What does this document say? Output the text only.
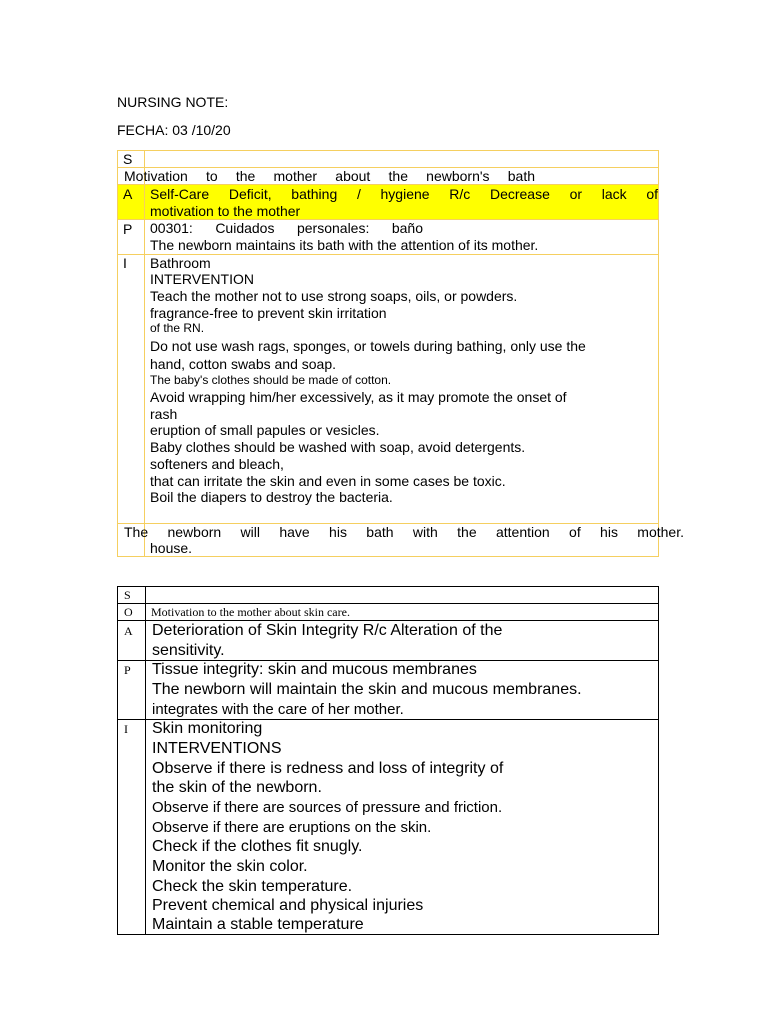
NURSING NOTE:
FECHA: 03 /10/20
S
Motivation to the mother about the newborn's bath
A Self-Care Deficit, bathing / hygiene R/c Decrease or lack of
motivation to the mother
P 00301: Cuidados personales: baño
The newborn maintains its bath with the attention of its mother.
I Bathroom
INTERVENTION
Teach the mother not to use strong soaps, oils, or powders.
fragrance-free to prevent skin irritation
of the RN.
Do not use wash rags, sponges, or towels during bathing, only use the
hand, cotton swabs and soap.
The baby's clothes should be made of cotton.
Avoid wrapping him/her excessively, as it may promote the onset of
rash
eruption of small papules or vesicles.
Baby clothes should be washed with soap, avoid detergents.
softeners and bleach,
that can irritate the skin and even in some cases be toxic.
Boil the diapers to destroy the bacteria.
The newborn will have his bath with the attention of his mother.
house.
S
O Motivation to the mother about skin care.
A Deterioration of Skin Integrity R/c Alteration of the
sensitivity.
P Tissue integrity: skin and mucous membranes
The newborn will maintain the skin and mucous membranes.
integrates with the care of her mother.
I Skin monitoring
INTERVENTIONS
Observe if there is redness and loss of integrity of
the skin of the newborn.
Observe if there are sources of pressure and friction.
Observe if there are eruptions on the skin.
Check if the clothes fit snugly.
Monitor the skin color.
Check the skin temperature.
Prevent chemical and physical injuries
Maintain a stable temperature
